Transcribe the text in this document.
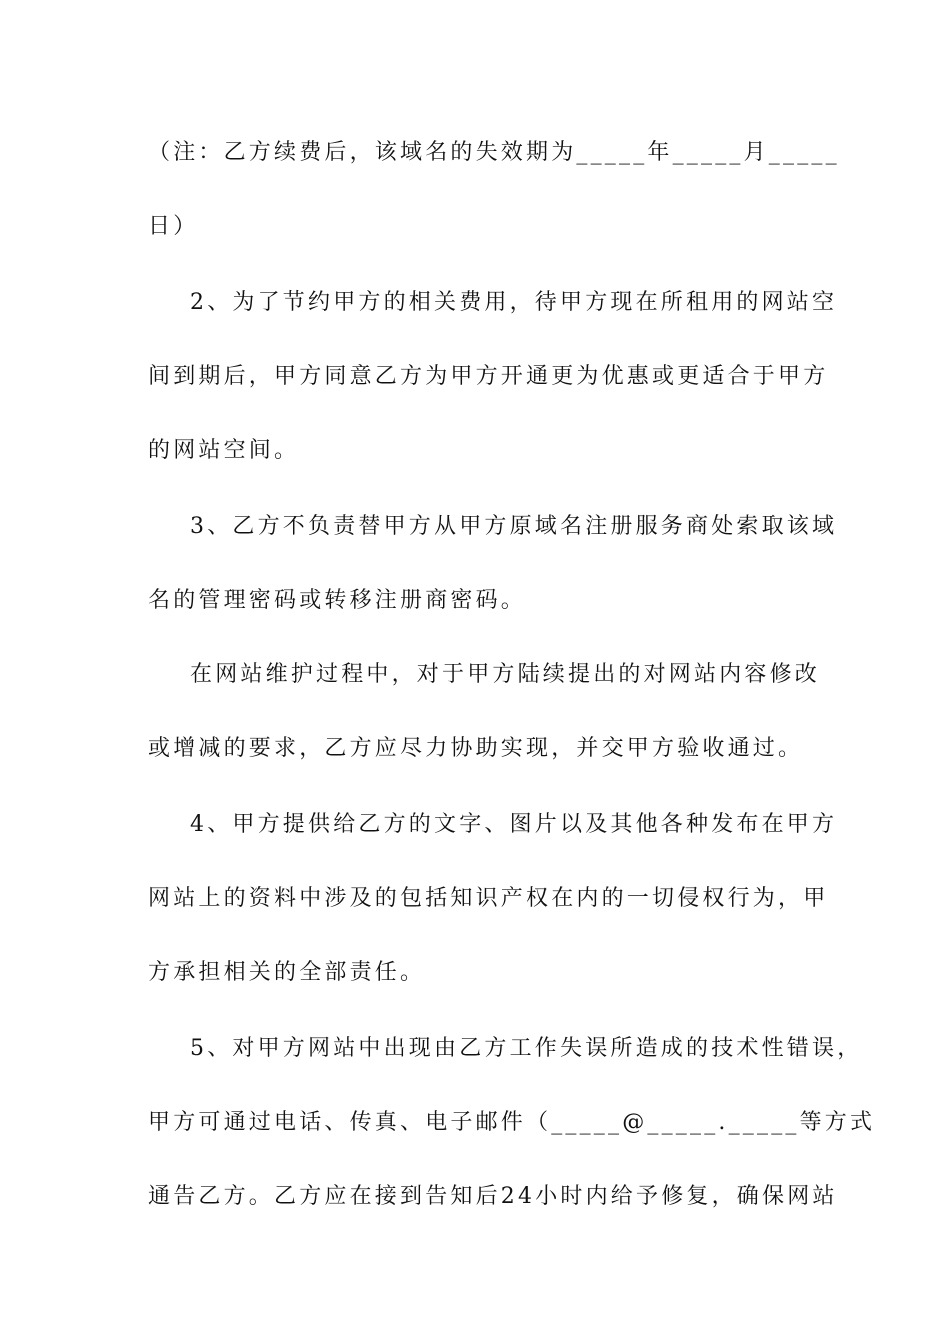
（注：乙方续费后，该域名的失效期为_____年_____月_____
日）
2、为了节约甲方的相关费用，待甲方现在所租用的网站空
间到期后，甲方同意乙方为甲方开通更为优惠或更适合于甲方
的网站空间。
3、乙方不负责替甲方从甲方原域名注册服务商处索取该域
名的管理密码或转移注册商密码。
在网站维护过程中，对于甲方陆续提出的对网站内容修改
或增减的要求，乙方应尽力协助实现，并交甲方验收通过。
4、甲方提供给乙方的文字、图片以及其他各种发布在甲方
网站上的资料中涉及的包括知识产权在内的一切侵权行为，甲
方承担相关的全部责任。
5、对甲方网站中出现由乙方工作失误所造成的技术性错误，
甲方可通过电话、传真、电子邮件（_____@_____._____等方式
通告乙方。乙方应在接到告知后24小时内给予修复，确保网站
